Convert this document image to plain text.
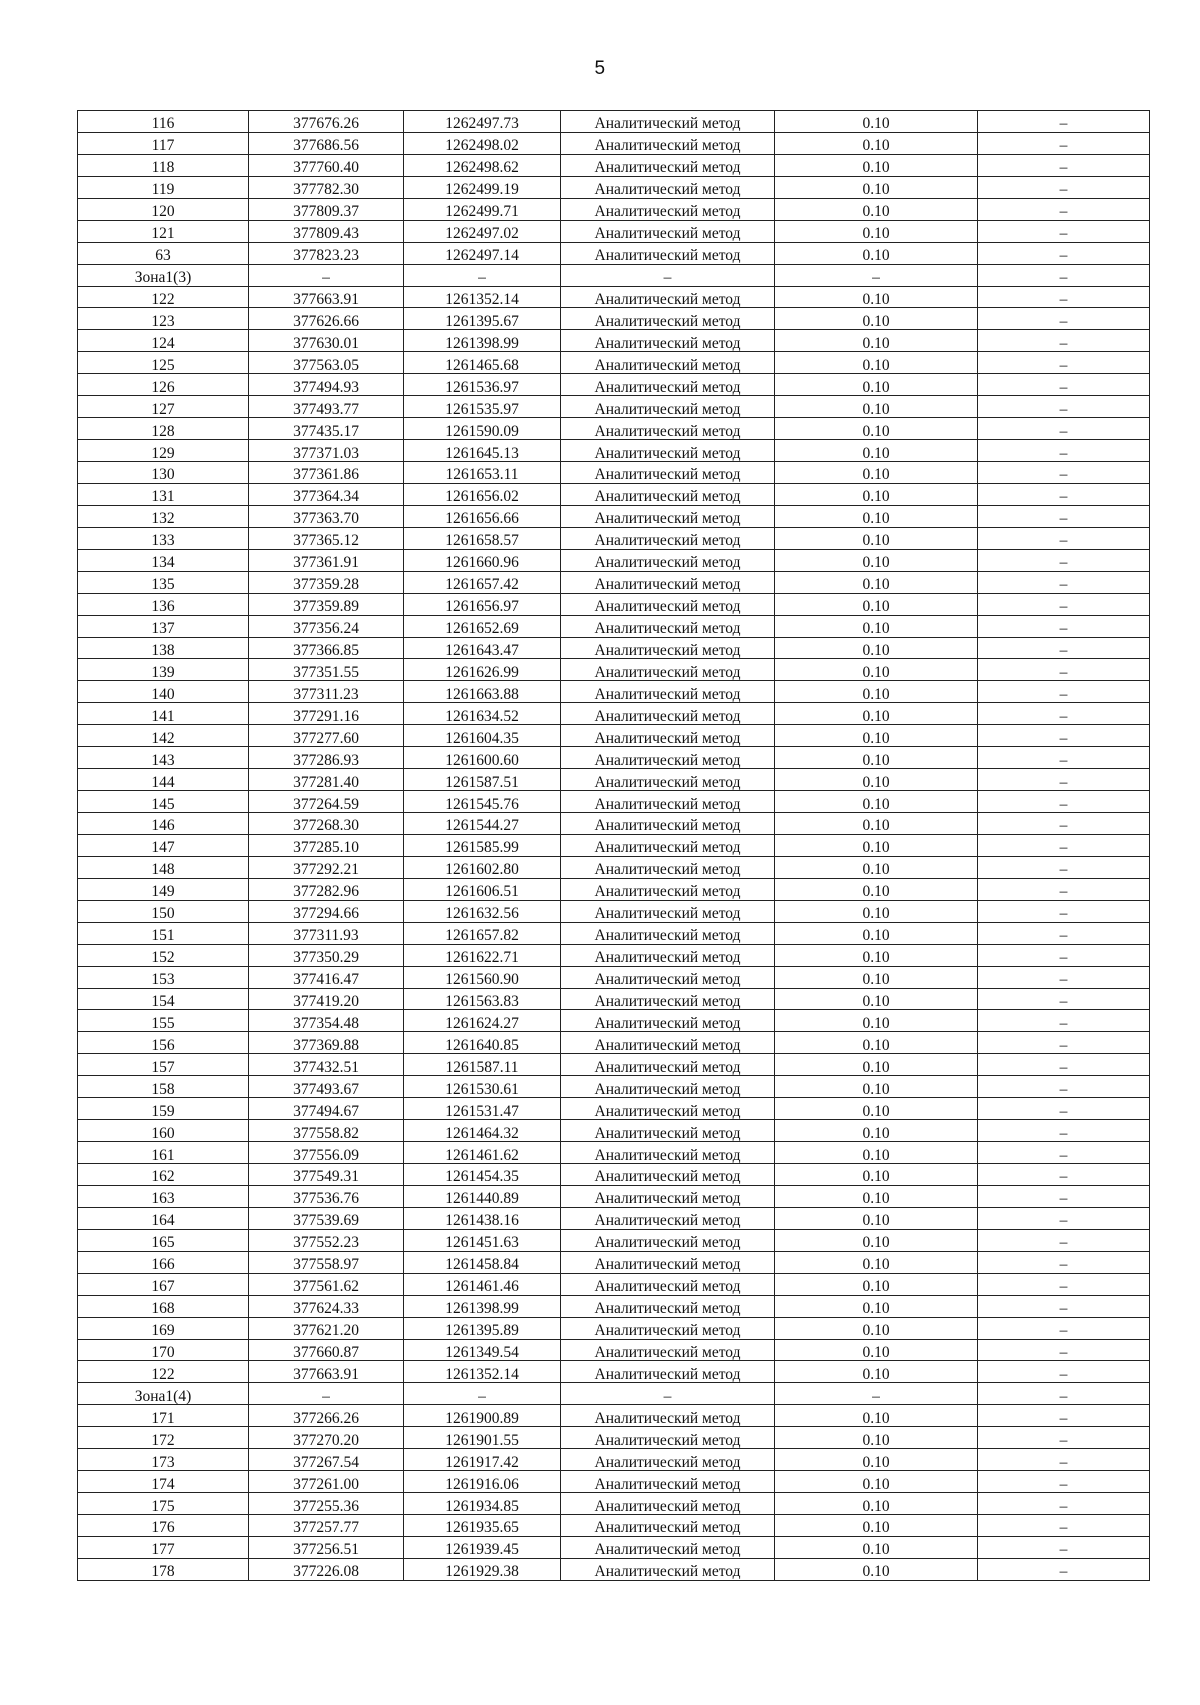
5
116	377676.26	1262497.73	Аналитический метод	0.10	–
117	377686.56	1262498.02	Аналитический метод	0.10	–
118	377760.40	1262498.62	Аналитический метод	0.10	–
119	377782.30	1262499.19	Аналитический метод	0.10	–
120	377809.37	1262499.71	Аналитический метод	0.10	–
121	377809.43	1262497.02	Аналитический метод	0.10	–
63	377823.23	1262497.14	Аналитический метод	0.10	–
Зона1(3)	–	–	–	–	–
122	377663.91	1261352.14	Аналитический метод	0.10	–
123	377626.66	1261395.67	Аналитический метод	0.10	–
124	377630.01	1261398.99	Аналитический метод	0.10	–
125	377563.05	1261465.68	Аналитический метод	0.10	–
126	377494.93	1261536.97	Аналитический метод	0.10	–
127	377493.77	1261535.97	Аналитический метод	0.10	–
128	377435.17	1261590.09	Аналитический метод	0.10	–
129	377371.03	1261645.13	Аналитический метод	0.10	–
130	377361.86	1261653.11	Аналитический метод	0.10	–
131	377364.34	1261656.02	Аналитический метод	0.10	–
132	377363.70	1261656.66	Аналитический метод	0.10	–
133	377365.12	1261658.57	Аналитический метод	0.10	–
134	377361.91	1261660.96	Аналитический метод	0.10	–
135	377359.28	1261657.42	Аналитический метод	0.10	–
136	377359.89	1261656.97	Аналитический метод	0.10	–
137	377356.24	1261652.69	Аналитический метод	0.10	–
138	377366.85	1261643.47	Аналитический метод	0.10	–
139	377351.55	1261626.99	Аналитический метод	0.10	–
140	377311.23	1261663.88	Аналитический метод	0.10	–
141	377291.16	1261634.52	Аналитический метод	0.10	–
142	377277.60	1261604.35	Аналитический метод	0.10	–
143	377286.93	1261600.60	Аналитический метод	0.10	–
144	377281.40	1261587.51	Аналитический метод	0.10	–
145	377264.59	1261545.76	Аналитический метод	0.10	–
146	377268.30	1261544.27	Аналитический метод	0.10	–
147	377285.10	1261585.99	Аналитический метод	0.10	–
148	377292.21	1261602.80	Аналитический метод	0.10	–
149	377282.96	1261606.51	Аналитический метод	0.10	–
150	377294.66	1261632.56	Аналитический метод	0.10	–
151	377311.93	1261657.82	Аналитический метод	0.10	–
152	377350.29	1261622.71	Аналитический метод	0.10	–
153	377416.47	1261560.90	Аналитический метод	0.10	–
154	377419.20	1261563.83	Аналитический метод	0.10	–
155	377354.48	1261624.27	Аналитический метод	0.10	–
156	377369.88	1261640.85	Аналитический метод	0.10	–
157	377432.51	1261587.11	Аналитический метод	0.10	–
158	377493.67	1261530.61	Аналитический метод	0.10	–
159	377494.67	1261531.47	Аналитический метод	0.10	–
160	377558.82	1261464.32	Аналитический метод	0.10	–
161	377556.09	1261461.62	Аналитический метод	0.10	–
162	377549.31	1261454.35	Аналитический метод	0.10	–
163	377536.76	1261440.89	Аналитический метод	0.10	–
164	377539.69	1261438.16	Аналитический метод	0.10	–
165	377552.23	1261451.63	Аналитический метод	0.10	–
166	377558.97	1261458.84	Аналитический метод	0.10	–
167	377561.62	1261461.46	Аналитический метод	0.10	–
168	377624.33	1261398.99	Аналитический метод	0.10	–
169	377621.20	1261395.89	Аналитический метод	0.10	–
170	377660.87	1261349.54	Аналитический метод	0.10	–
122	377663.91	1261352.14	Аналитический метод	0.10	–
Зона1(4)	–	–	–	–	–
171	377266.26	1261900.89	Аналитический метод	0.10	–
172	377270.20	1261901.55	Аналитический метод	0.10	–
173	377267.54	1261917.42	Аналитический метод	0.10	–
174	377261.00	1261916.06	Аналитический метод	0.10	–
175	377255.36	1261934.85	Аналитический метод	0.10	–
176	377257.77	1261935.65	Аналитический метод	0.10	–
177	377256.51	1261939.45	Аналитический метод	0.10	–
178	377226.08	1261929.38	Аналитический метод	0.10	–
